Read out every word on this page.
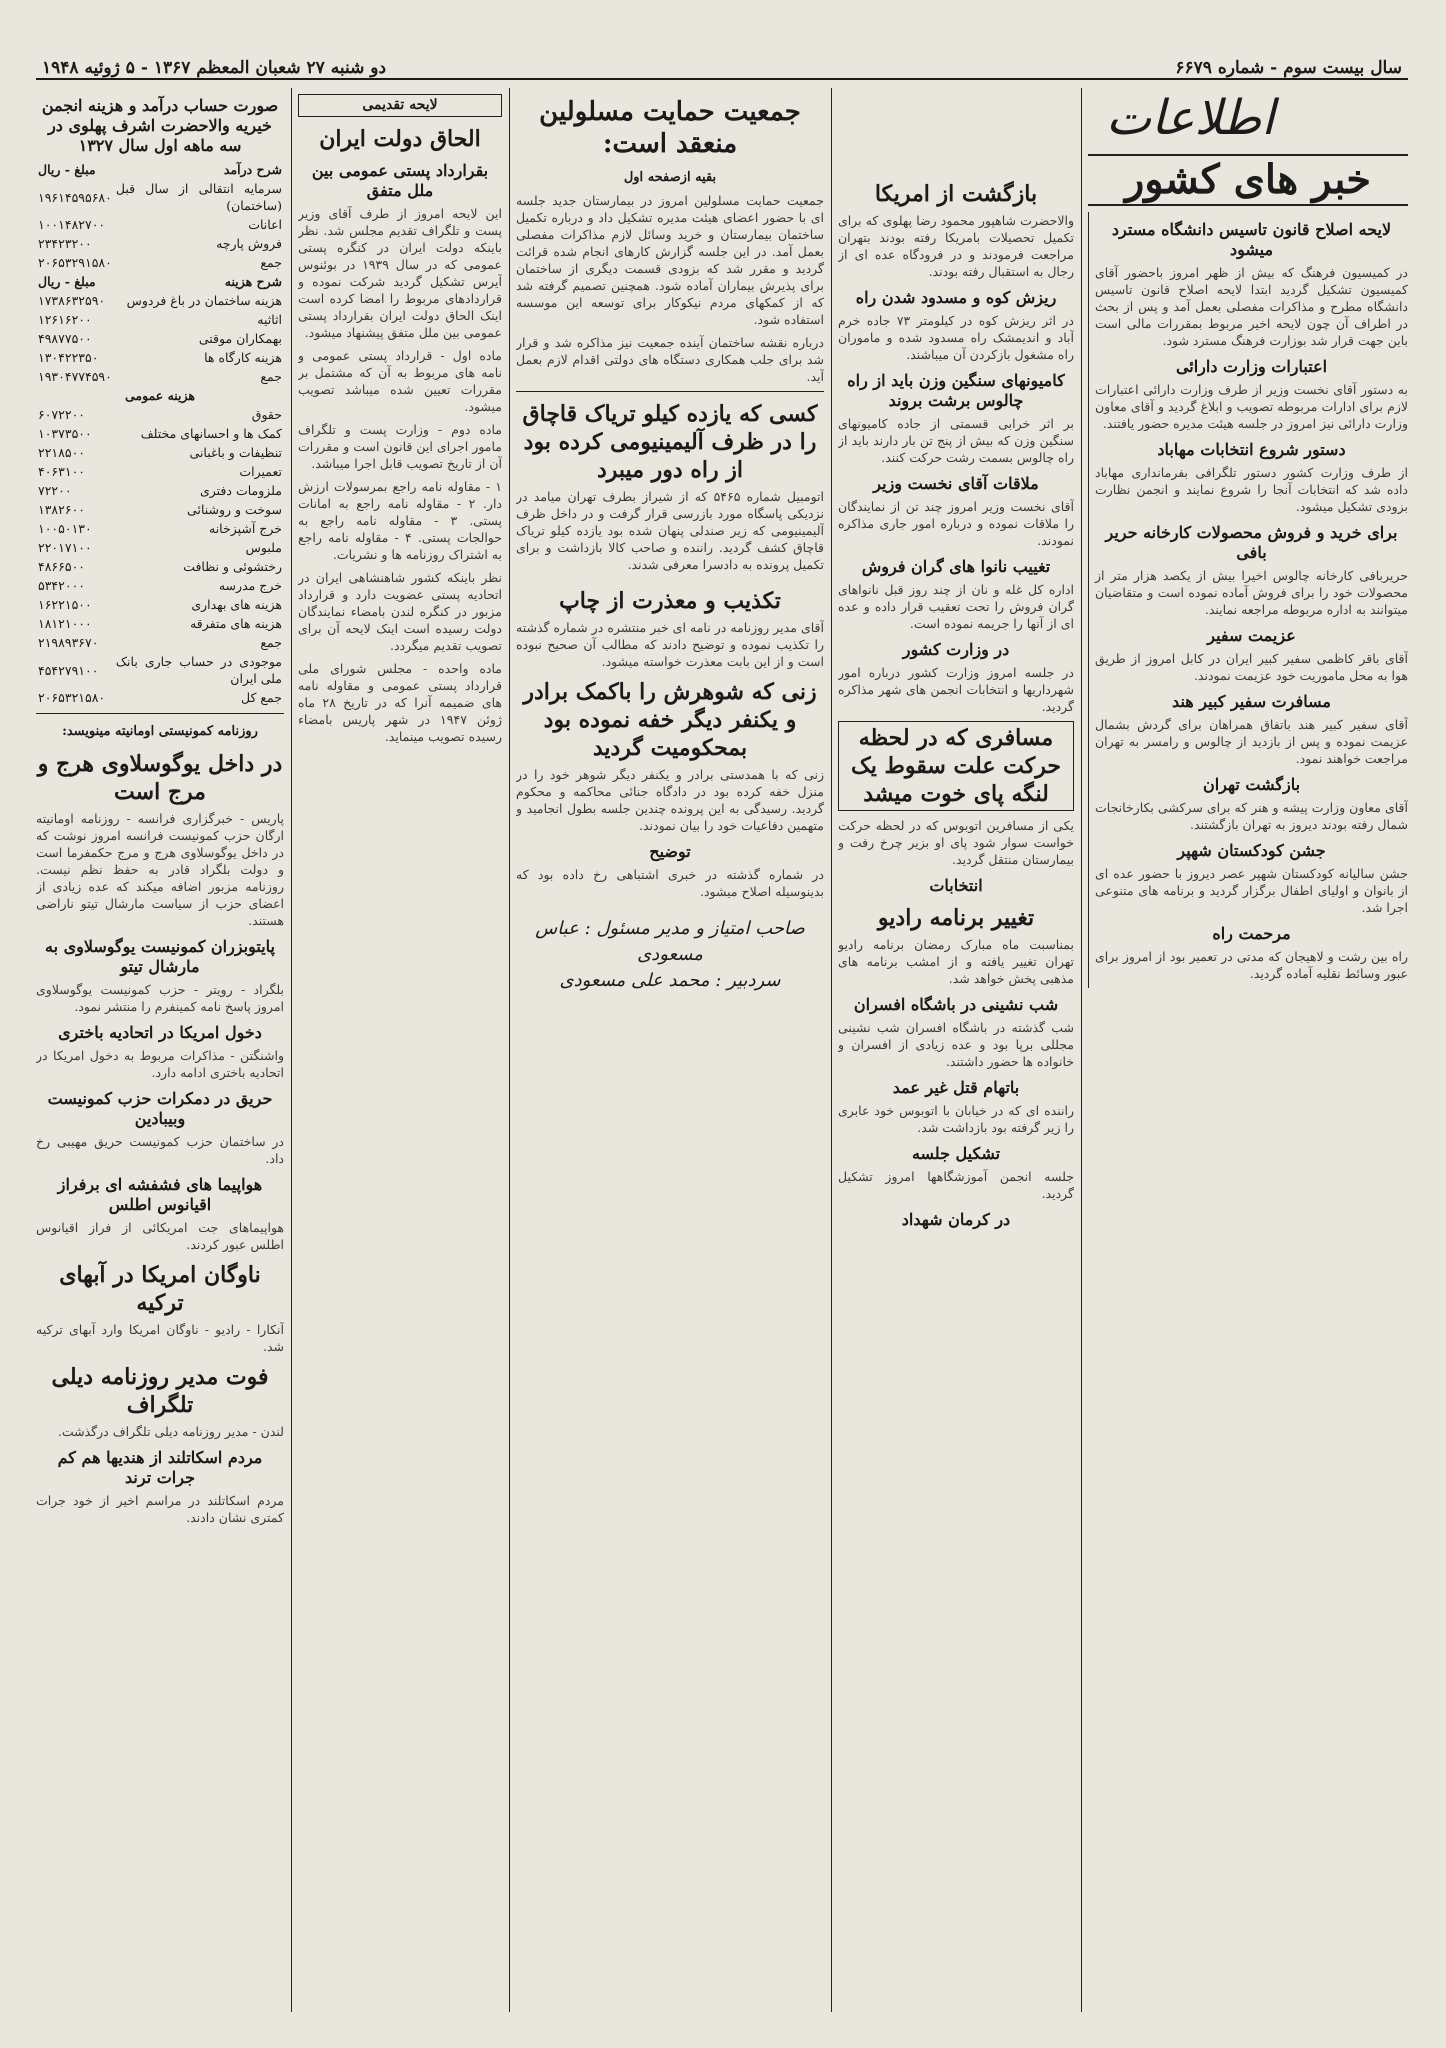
سال بیست سوم - شماره ۶۶۷۹
دو شنبه ۲۷ شعبان المعظم ۱۳۶۷ - ۵ ژوئیه ۱۹۴۸
اطلاعات
خبر های کشور
لایحه اصلاح قانون تاسیس دانشگاه مسترد میشود

در کمیسیون فرهنگ که بیش از ظهر امروز باحضور آقای کمیسیون تشکیل گردید ابتدا لایحه اصلاح قانون تاسیس دانشگاه مطرح و مذاکرات مفصلی بعمل آمد و پس از بحث در اطراف آن چون لایحه اخیر مربوط بمقررات مالی است باین جهت قرار شد بوزارت فرهنگ مسترد شود.

اعتبارات وزارت دارائی

به دستور آقای نخست وزیر از طرف وزارت دارائی اعتبارات لازم برای ادارات مربوطه تصویب و ابلاغ گردید و آقای معاون وزارت دارائی نیز امروز در جلسه هیئت مدیره حضور یافتند.

دستور شروع انتخابات مهاباد

از طرف وزارت کشور دستور تلگرافی بفرمانداری مهاباد داده شد که انتخابات آنجا را شروع نمایند و انجمن نظارت بزودی تشکیل میشود.

برای خرید و فروش محصولات کارخانه حریر بافی

حریربافی کارخانه چالوس اخیرا بیش از یکصد هزار متر از محصولات خود را برای فروش آماده نموده است و متقاضیان میتوانند به اداره مربوطه مراجعه نمایند.

عزیمت سفیر

آقای باقر کاظمی سفیر کبیر ایران در کابل امروز از طریق هوا به محل ماموریت خود عزیمت نمودند.

مسافرت سفیر کبیر هند

آقای سفیر کبیر هند باتفاق همراهان برای گردش بشمال عزیمت نموده و پس از بازدید از چالوس و رامسر به تهران مراجعت خواهند نمود.

بازگشت تهران

آقای معاون وزارت پیشه و هنر که برای سرکشی بکارخانجات شمال رفته بودند دیروز به تهران بازگشتند.

جشن کودکستان شهپر

جشن سالیانه کودکستان شهپر عصر دیروز با حضور عده ای از بانوان و اولیای اطفال برگزار گردید و برنامه های متنوعی اجرا شد.

مرحمت راه

راه بین رشت و لاهیجان که مدتی در تعمیر بود از امروز برای عبور وسائط نقلیه آماده گردید.

بازگشت از امریکا

والاحضرت شاهپور محمود رضا پهلوی که برای تکمیل تحصیلات بامریکا رفته بودند بتهران مراجعت فرمودند و در فرودگاه عده ای از رجال به استقبال رفته بودند.

ریزش کوه و مسدود شدن راه

در اثر ریزش کوه در کیلومتر ۷۳ جاده خرم آباد و اندیمشک راه مسدود شده و ماموران راه مشغول بازکردن آن میباشند.

کامیونهای سنگین وزن باید از راه چالوس برشت بروند

بر اثر خرابی قسمتی از جاده کامیونهای سنگین وزن که بیش از پنج تن بار دارند باید از راه چالوس بسمت رشت حرکت کنند.

ملاقات آقای نخست وزیر

آقای نخست وزیر امروز چند تن از نمایندگان را ملاقات نموده و درباره امور جاری مذاکره نمودند.

تغییب نانوا های گران فروش

اداره کل غله و نان از چند روز قبل نانواهای گران فروش را تحت تعقیب قرار داده و عده ای از آنها را جریمه نموده است.

در وزارت کشور

در جلسه امروز وزارت کشور درباره امور شهرداریها و انتخابات انجمن های شهر مذاکره گردید.

مسافری که در لحظه حرکت علت سقوط یک لنگه پای خوت میشد

یکی از مسافرین اتوبوس که در لحظه حرکت خواست سوار شود پای او بزیر چرخ رفت و بیمارستان منتقل گردید.

انتخابات
تغییر برنامه رادیو

بمناسبت ماه مبارک رمضان برنامه رادیو تهران تغییر یافته و از امشب برنامه های مذهبی پخش خواهد شد.

شب نشینی در باشگاه افسران

شب گذشته در باشگاه افسران شب نشینی مجللی برپا بود و عده زیادی از افسران و خانواده ها حضور داشتند.

باتهام قتل غیر عمد

راننده ای که در خیابان با اتوبوس خود عابری را زیر گرفته بود بازداشت شد.

تشکیل جلسه

جلسه انجمن آموزشگاهها امروز تشکیل گردید.

در کرمان شهداد
جمعیت حمایت مسلولین منعقد است:
بقیه ازصفحه اول

جمعیت حمایت مسلولین امروز در بیمارستان جدید جلسه ای با حضور اعضای هیئت مدیره تشکیل داد و درباره تکمیل ساختمان بیمارستان و خرید وسائل لازم مذاکرات مفصلی بعمل آمد. در این جلسه گزارش کارهای انجام شده قرائت گردید و مقرر شد که بزودی قسمت دیگری از ساختمان برای پذیرش بیماران آماده شود. همچنین تصمیم گرفته شد که از کمکهای مردم نیکوکار برای توسعه این موسسه استفاده شود.

درباره نقشه ساختمان آینده جمعیت نیز مذاکره شد و قرار شد برای جلب همکاری دستگاه های دولتی اقدام لازم بعمل آید.

کسی که یازده کیلو تریاک قاچاق را در ظرف آلیمینیومی کرده بود از راه دور میبرد

اتومبیل شماره ۵۴۶۵ که از شیراز بطرف تهران میامد در نزدیکی پاسگاه مورد بازرسی قرار گرفت و در داخل ظرف آلیمینیومی که زیر صندلی پنهان شده بود یازده کیلو تریاک قاچاق کشف گردید. راننده و صاحب کالا بازداشت و برای تکمیل پرونده به دادسرا معرفی شدند.

تکذیب و معذرت از چاپ

آقای مدیر روزنامه در نامه ای خبر منتشره در شماره گذشته را تکذیب نموده و توضیح دادند که مطالب آن صحیح نبوده است و از این بابت معذرت خواسته میشود.

زنی که شوهرش را باکمک برادر و یکنفر دیگر خفه نموده بود بمحکومیت گردید

زنی که با همدستی برادر و یکنفر دیگر شوهر خود را در منزل خفه کرده بود در دادگاه جنائی محاکمه و محکوم گردید. رسیدگی به این پرونده چندین جلسه بطول انجامید و متهمین دفاعیات خود را بیان نمودند.

توضیح

در شماره گذشته در خبری اشتباهی رخ داده بود که بدینوسیله اصلاح میشود.

صاحب امتیاز و مدیر مسئول : عباس مسعودی
سردبیر : محمد علی مسعودی
لایحه تقدیمی
الحاق دولت ایران
بقرارداد پستی عمومی بین ملل متفق

این لایحه امروز از طرف آقای وزیر پست و تلگراف تقدیم مجلس شد. نظر باینکه دولت ایران در کنگره پستی عمومی که در سال ۱۹۳۹ در بوئنوس آیرس تشکیل گردید شرکت نموده و قراردادهای مربوط را امضا کرده است اینک الحاق دولت ایران بقرارداد پستی عمومی بین ملل متفق پیشنهاد میشود.

ماده اول - قرارداد پستی عمومی و نامه های مربوط به آن که مشتمل بر مقررات تعیین شده میباشد تصویب میشود.

ماده دوم - وزارت پست و تلگراف مامور اجرای این قانون است و مقررات آن از تاریخ تصویب قابل اجرا میباشد.

۱ - مقاوله نامه راجع بمرسولات ارزش دار. ۲ - مقاوله نامه راجع به امانات پستی. ۳ - مقاوله نامه راجع به حوالجات پستی. ۴ - مقاوله نامه راجع به اشتراک روزنامه ها و نشریات.

نظر باینکه کشور شاهنشاهی ایران در اتحادیه پستی عضویت دارد و قرارداد مزبور در کنگره لندن بامضاء نمایندگان دولت رسیده است اینک لایحه آن برای تصویب تقدیم میگردد.

ماده واحده - مجلس شورای ملی قرارداد پستی عمومی و مقاوله نامه های ضمیمه آنرا که در تاریخ ۲۸ ماه ژوئن ۱۹۴۷ در شهر پاریس بامضاء رسیده تصویب مینماید.

صورت حساب درآمد و هزینه انجمن خیریه والاحضرت اشرف پهلوی در سه ماهه اول سال ۱۳۲۷
شرح درآمد	مبلغ - ریال
سرمایه انتقالی از سال قبل (ساختمان)	۱۹۶۱۴۵۹۵۶۸۰
اعانات	۱۰۰۱۴۸۲۷۰۰
فروش پارچه	۲۳۴۲۳۲۰۰
جمع	۲۰۶۵۳۲۹۱۵۸۰
شرح هزینه	مبلغ - ریال
هزینه ساختمان در باغ فردوس	۱۷۳۸۶۳۲۵۹۰
اثاثیه	۱۲۶۱۶۲۰۰
بهمکاران موقتی	۴۹۸۷۷۵۰۰
هزینه کارگاه ها	۱۳۰۴۲۲۳۵۰
جمع	۱۹۳۰۴۷۷۴۵۹۰
هزینه عمومی	
حقوق	۶۰۷۲۲۰۰
کمک ها و احسانهای مختلف	۱۰۳۷۳۵۰۰
تنظیفات و باغبانی	۲۲۱۸۵۰۰
تعمیرات	۴۰۶۳۱۰۰
ملزومات دفتری	۷۲۲۰۰
سوخت و روشنائی	۱۳۸۲۶۰۰
خرج آشپزخانه	۱۰۰۵۰۱۳۰
ملبوس	۲۲۰۱۷۱۰۰
رختشوئی و نظافت	۴۸۶۶۵۰۰
خرج مدرسه	۵۳۴۲۰۰۰
هزینه های بهداری	۱۶۲۲۱۵۰۰
هزینه های متفرقه	۱۸۱۲۱۰۰۰
جمع	۲۱۹۸۹۳۶۷۰
موجودی در حساب جاری بانک ملی ایران	۴۵۴۲۷۹۱۰۰
جمع کل	۲۰۶۵۳۲۱۵۸۰
روزنامه کمونیستی اومانیته مینویسد:
در داخل یوگوسلاوی هرج و مرج است

پاریس - خبرگزاری فرانسه - روزنامه اومانیته ارگان حزب کمونیست فرانسه امروز نوشت که در داخل یوگوسلاوی هرج و مرج حکمفرما است و دولت بلگراد قادر به حفظ نظم نیست. روزنامه مزبور اضافه میکند که عده زیادی از اعضای حزب از سیاست مارشال تیتو ناراضی هستند.

پایتوبزران کمونیست یوگوسلاوی به مارشال تیتو

بلگراد - رویتر - حزب کمونیست یوگوسلاوی امروز پاسخ نامه کمینفرم را منتشر نمود.

دخول امریکا در اتحادیه باختری

واشنگتن - مذاکرات مربوط به دخول امریکا در اتحادیه باختری ادامه دارد.

حریق در دمکرات حزب کمونیست وبیبادین

در ساختمان حزب کمونیست حریق مهیبی رخ داد.

هواپیما های فشفشه ای برفراز اقیانوس اطلس

هواپیماهای جت امریکائی از فراز اقیانوس اطلس عبور کردند.

ناوگان امریکا در آبهای ترکیه

آنکارا - رادیو - ناوگان امریکا وارد آبهای ترکیه شد.

فوت مدیر روزنامه دیلی تلگراف

لندن - مدیر روزنامه دیلی تلگراف درگذشت.

مردم اسکاتلند از هندیها هم کم جرات ترند

مردم اسکاتلند در مراسم اخیر از خود جرات کمتری نشان دادند.
